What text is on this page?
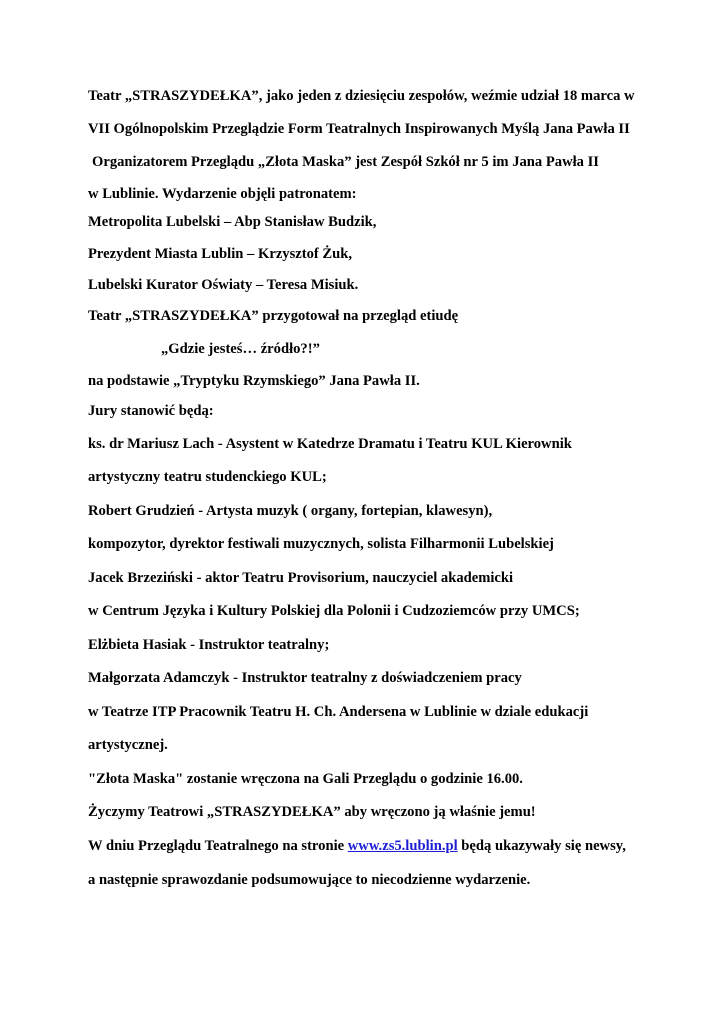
Teatr „STRASZYDEŁKA”, jako jeden z dziesięciu zespołów, weźmie udział 18 marca w
VII Ogólnopolskim Przeglądzie Form Teatralnych Inspirowanych Myślą Jana Pawła II
Organizatorem Przeglądu „Złota Maska” jest Zespół Szkół nr 5 im Jana Pawła II
w Lublinie. Wydarzenie objęli patronatem:
Metropolita Lubelski – Abp Stanisław Budzik,
Prezydent Miasta Lublin – Krzysztof Żuk,
Lubelski Kurator Oświaty – Teresa Misiuk.
Teatr „STRASZYDEŁKA” przygotował na przegląd etiudę
„Gdzie jesteś… źródło?!”
na podstawie „Tryptyku Rzymskiego” Jana Pawła II.
Jury stanowić będą:
ks. dr Mariusz Lach - Asystent w Katedrze Dramatu i Teatru KUL Kierownik
artystyczny teatru studenckiego KUL;
Robert Grudzień - Artysta muzyk ( organy, fortepian, klawesyn),
kompozytor, dyrektor festiwali muzycznych, solista Filharmonii Lubelskiej
Jacek Brzeziński - aktor Teatru Provisorium, nauczyciel akademicki
w Centrum Języka i Kultury Polskiej dla Polonii i Cudzoziemców przy UMCS;
Elżbieta Hasiak - Instruktor teatralny;
Małgorzata Adamczyk - Instruktor teatralny z doświadczeniem pracy
w Teatrze ITP Pracownik Teatru H. Ch. Andersena w Lublinie w dziale edukacji
artystycznej.
"Złota Maska" zostanie wręczona na Gali Przeglądu o godzinie 16.00.
Życzymy Teatrowi „STRASZYDEŁKA” aby wręczono ją właśnie jemu!
W dniu Przeglądu Teatralnego na stronie www.zs5.lublin.pl będą ukazywały się newsy,
a następnie sprawozdanie podsumowujące to niecodzienne wydarzenie.
